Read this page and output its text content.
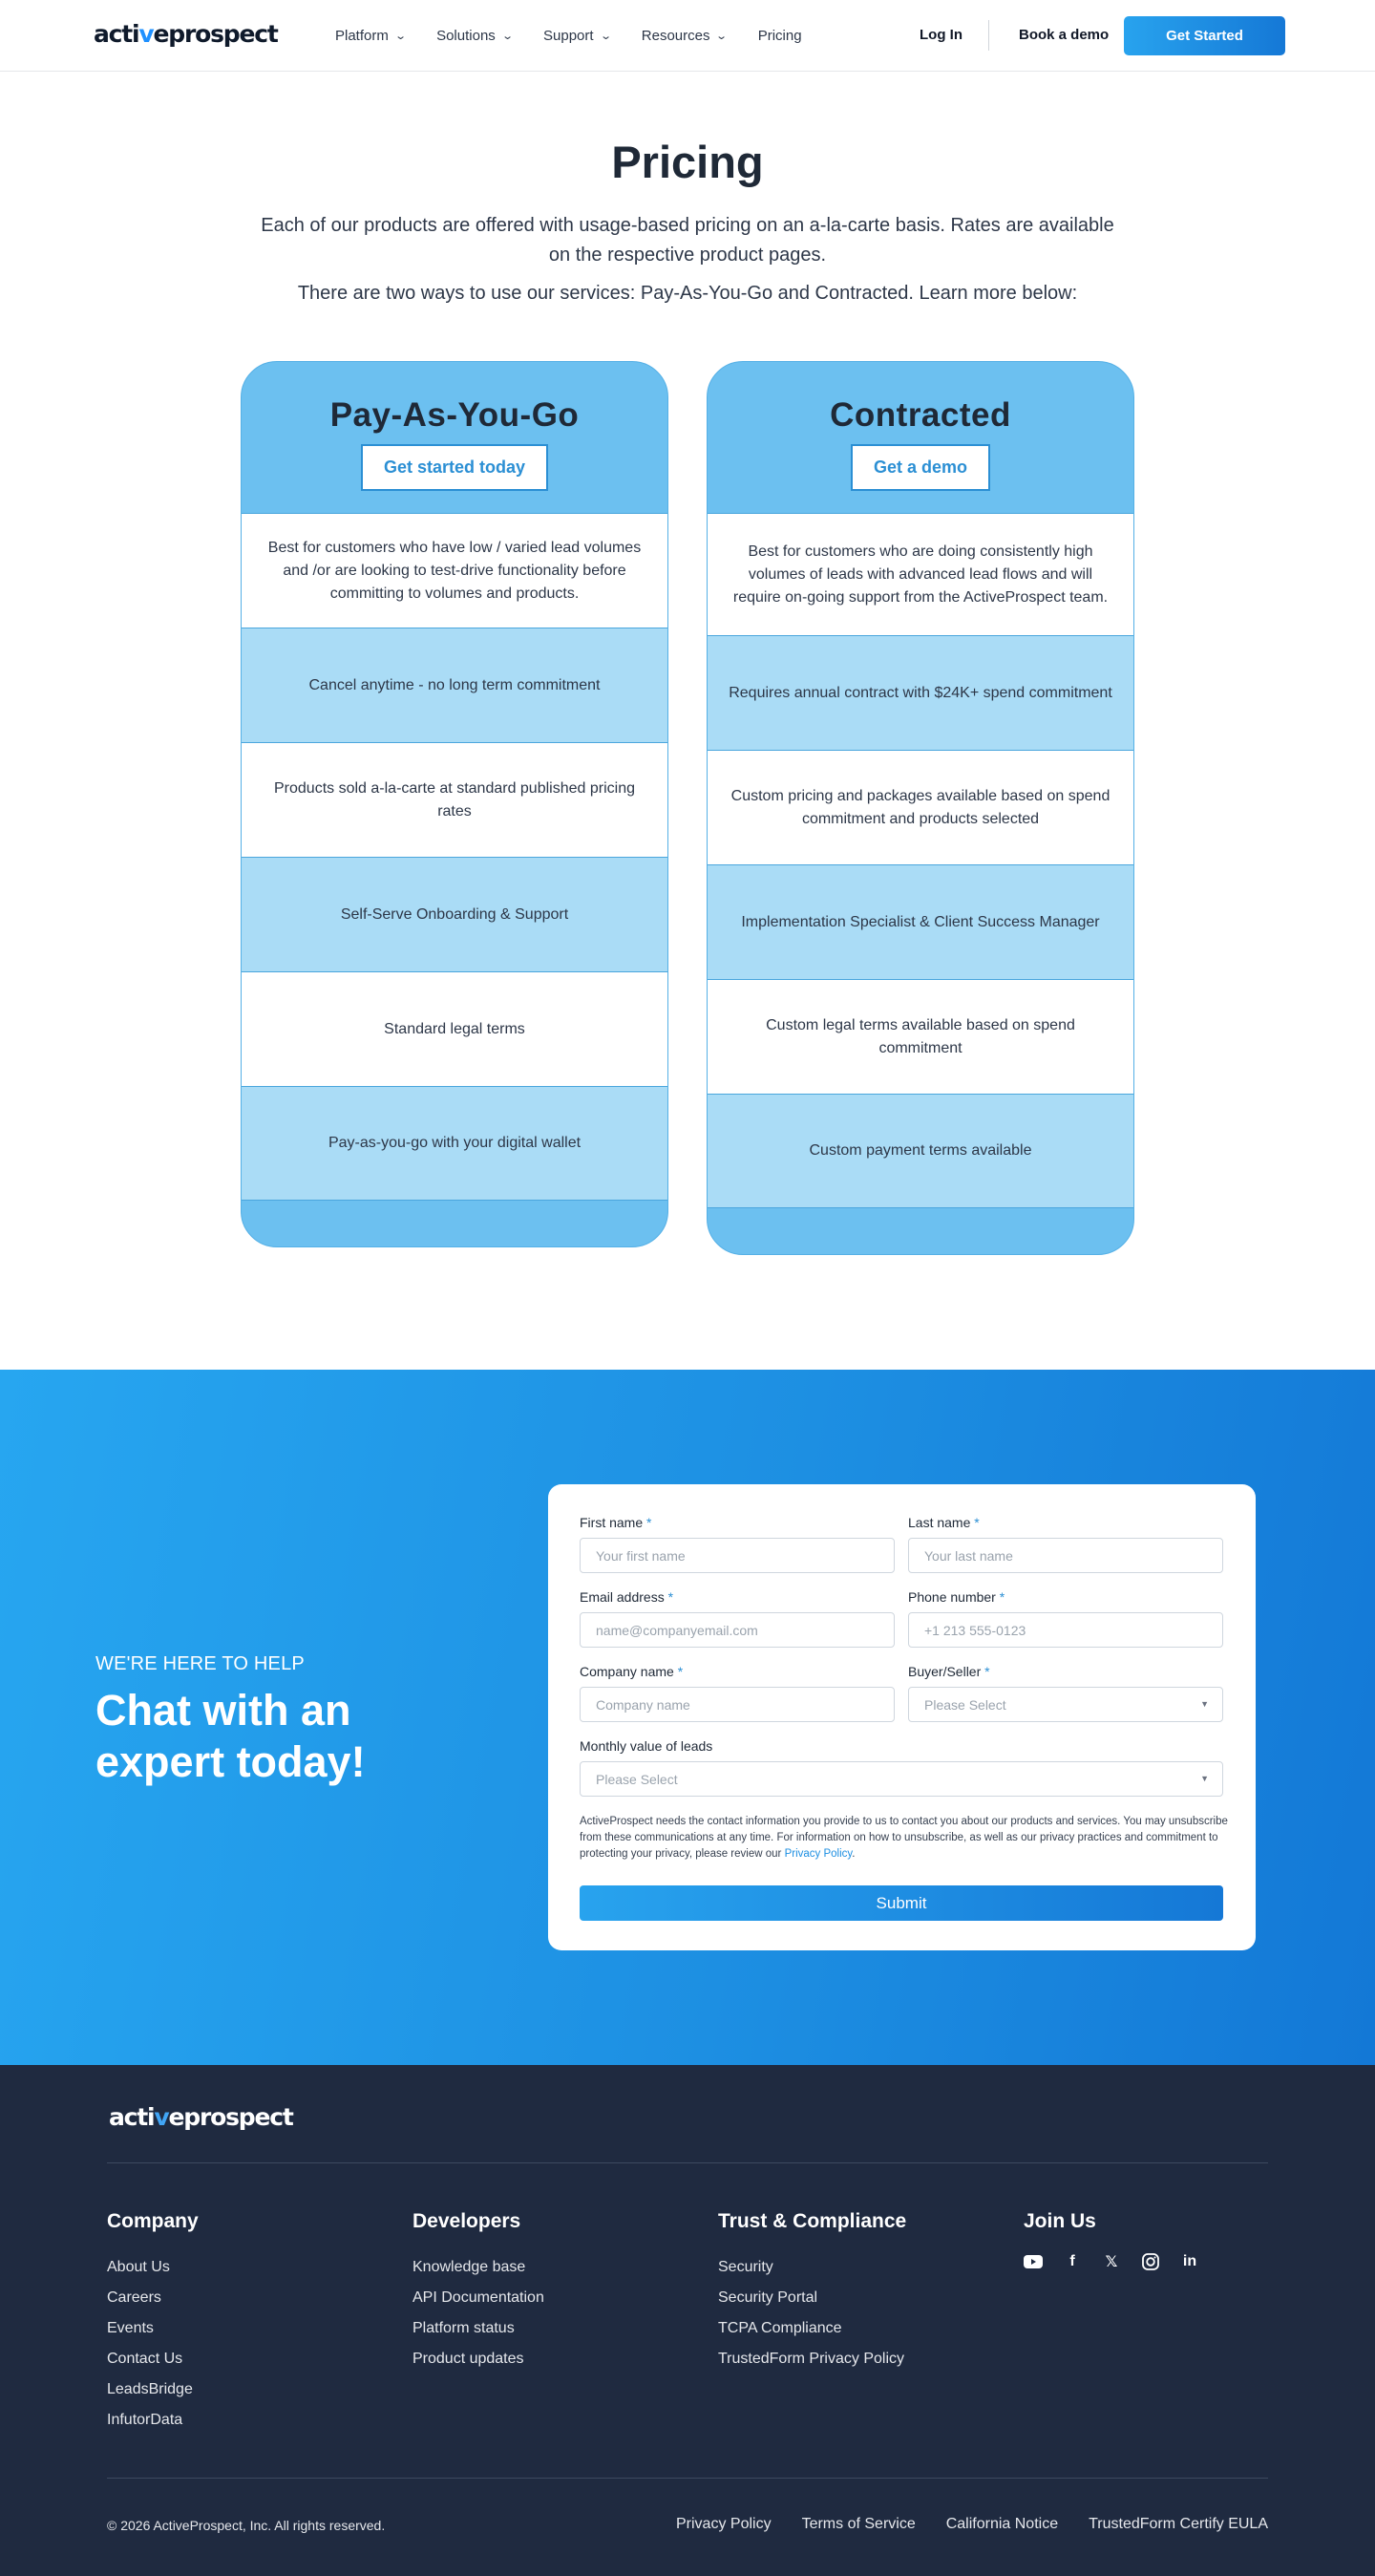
activeprospect	Platform ⌄ Solutions ⌄ Support ⌄ Resources ⌄ Pricing	Log In	Book a demo	Get Started
Pricing

Each of our products are offered with usage-based pricing on an a-la-carte basis. Rates are available on the respective product pages.

There are two ways to use our services: Pay-As-You-Go and Contracted. Learn more below:

Pay-As-You-Go
Get started today
Best for customers who have low / varied lead volumes and /or are looking to test-drive functionality before committing to volumes and products.
Cancel anytime - no long term commitment
Products sold a-la-carte at standard published pricing rates
Self-Serve Onboarding & Support
Standard legal terms
Pay-as-you-go with your digital wallet
Contracted
Get a demo
Best for customers who are doing consistently high volumes of leads with advanced lead flows and will require on-going support from the ActiveProspect team.
Requires annual contract with $24K+ spend commitment
Custom pricing and packages available based on spend commitment and products selected
Implementation Specialist & Client Success Manager
Custom legal terms available based on spend commitment
Custom payment terms available
WE'RE HERE TO HELP
Chat with an expert today!
First name *
Your first name
Last name *
Your last name
Email address *
name@companyemail.com
Phone number *
+1 213 555-0123
Company name *
Company name
Buyer/Seller *
Please Select	▼
Monthly value of leads
Please Select	▼

ActiveProspect needs the contact information you provide to us to contact you about our products and services. You may unsubscribe from these communications at any time. For information on how to unsubscribe, as well as our privacy practices and commitment to protecting your privacy, please review our Privacy Policy.

Submit
activeprospect
Company
About Us
Careers
Events
Contact Us
LeadsBridge
InfutorData
Developers
Knowledge base
API Documentation
Platform status
Product updates
Trust & Compliance
Security
Security Portal
TCPA Compliance
TrustedForm Privacy Policy
Join Us
f	𝕏	in
© 2026 ActiveProspect, Inc. All rights reserved.	Privacy Policy Terms of Service California Notice TrustedForm Certify EULA
